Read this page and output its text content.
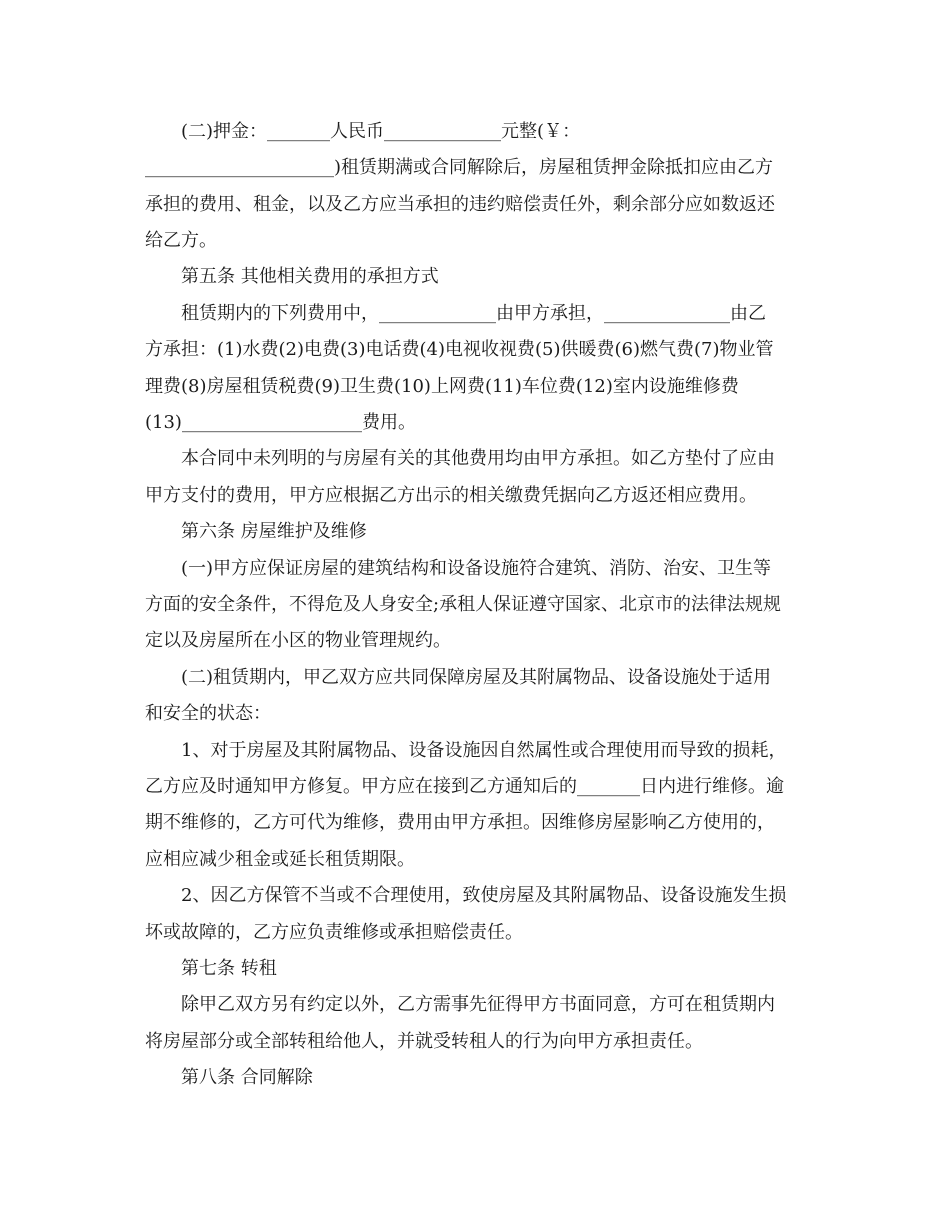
(二)押金：_______人民币_____________元整(￥：
_____________________)租赁期满或合同解除后，房屋租赁押金除抵扣应由乙方
承担的费用、租金，以及乙方应当承担的违约赔偿责任外，剩余部分应如数返还
给乙方。
第五条 其他相关费用的承担方式
租赁期内的下列费用中，_____________由甲方承担，______________由乙
方承担：(1)水费(2)电费(3)电话费(4)电视收视费(5)供暖费(6)燃气费(7)物业管
理费(8)房屋租赁税费(9)卫生费(10)上网费(11)车位费(12)室内设施维修费
(13)____________________费用。
本合同中未列明的与房屋有关的其他费用均由甲方承担。如乙方垫付了应由
甲方支付的费用，甲方应根据乙方出示的相关缴费凭据向乙方返还相应费用。
第六条 房屋维护及维修
(一)甲方应保证房屋的建筑结构和设备设施符合建筑、消防、治安、卫生等
方面的安全条件，不得危及人身安全;承租人保证遵守国家、北京市的法律法规规
定以及房屋所在小区的物业管理规约。
(二)租赁期内，甲乙双方应共同保障房屋及其附属物品、设备设施处于适用
和安全的状态：
1、对于房屋及其附属物品、设备设施因自然属性或合理使用而导致的损耗，
乙方应及时通知甲方修复。甲方应在接到乙方通知后的_______日内进行维修。逾
期不维修的，乙方可代为维修，费用由甲方承担。因维修房屋影响乙方使用的，
应相应减少租金或延长租赁期限。
2、因乙方保管不当或不合理使用，致使房屋及其附属物品、设备设施发生损
坏或故障的，乙方应负责维修或承担赔偿责任。
第七条 转租
除甲乙双方另有约定以外，乙方需事先征得甲方书面同意，方可在租赁期内
将房屋部分或全部转租给他人，并就受转租人的行为向甲方承担责任。
第八条 合同解除
